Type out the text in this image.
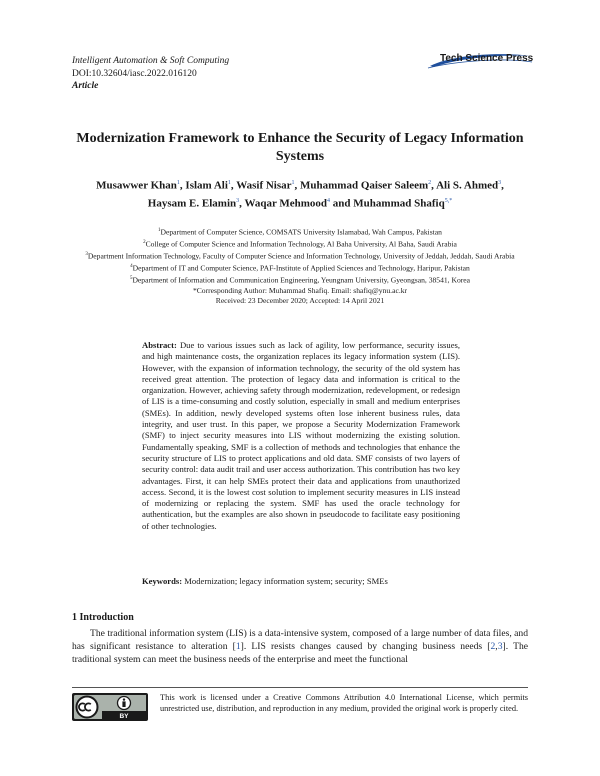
Intelligent Automation & Soft Computing
DOI:10.32604/iasc.2022.016120
Article
Tech Science Press
Modernization Framework to Enhance the Security of Legacy Information
Systems
Musawwer Khan$^1$, Islam Ali$^1$, Wasif Nisar$^1$, Muhammad Qaiser Saleem$^2$, Ali S. Ahmed$^3$,
Haysam E. Elamin$^3$, Waqar Mehmood$^4$ and Muhammad Shafiq$^{5,*}$
$^1$Department of Computer Science, COMSATS University Islamabad, Wah Campus, Pakistan
$^2$College of Computer Science and Information Technology, Al Baha University, Al Baha, Saudi Arabia
$^3$Department Information Technology, Faculty of Computer Science and Information Technology, University of Jeddah, Jeddah, Saudi Arabia
$^4$Department of IT and Computer Science, PAF-Institute of Applied Sciences and Technology, Haripur, Pakistan
$^5$Department of Information and Communication Engineering, Yeungnam University, Gyeongsan, 38541, Korea
*Corresponding Author: Muhammad Shafiq. Email: shafiq@ynu.ac.kr
Received: 23 December 2020; Accepted: 14 April 2021
Abstract: Due to various issues such as lack of agility, low performance, security issues, and high maintenance costs, the organization replaces its legacy information system (LIS). However, with the expansion of information technology, the security of the old system has received great attention. The protection of legacy data and information is critical to the organization. However, achieving safety through modernization, redevelopment, or redesign of LIS is a time-consuming and costly solution, especially in small and medium enterprises (SMEs). In addition, newly developed systems often lose inherent business rules, data integrity, and user trust. In this paper, we propose a Security Modernization Framework (SMF) to inject security measures into LIS without modernizing the existing solution. Fundamentally speaking, SMF is a collection of methods and technologies that enhance the security structure of LIS to protect applications and old data. SMF consists of two layers of security control: data audit trail and user access authorization. This contribution has two key advantages. First, it can help SMEs protect their data and applications from unauthorized access. Second, it is the lowest cost solution to implement security measures in LIS instead of modernizing or replacing the system. SMF has used the oracle technology for authentication, but the examples are also shown in pseudocode to facilitate easy positioning of other technologies.
Keywords: Modernization; legacy information system; security; SMEs
1 Introduction
The traditional information system (LIS) is a data-intensive system, composed of a large number of data files, and has significant resistance to alteration [1]. LIS resists changes caused by changing business needs [2,3]. The traditional system can meet the business needs of the enterprise and meet the functional
BY
This work is licensed under a Creative Commons Attribution 4.0 International License, which permits unrestricted use, distribution, and reproduction in any medium, provided the original work is properly cited.
